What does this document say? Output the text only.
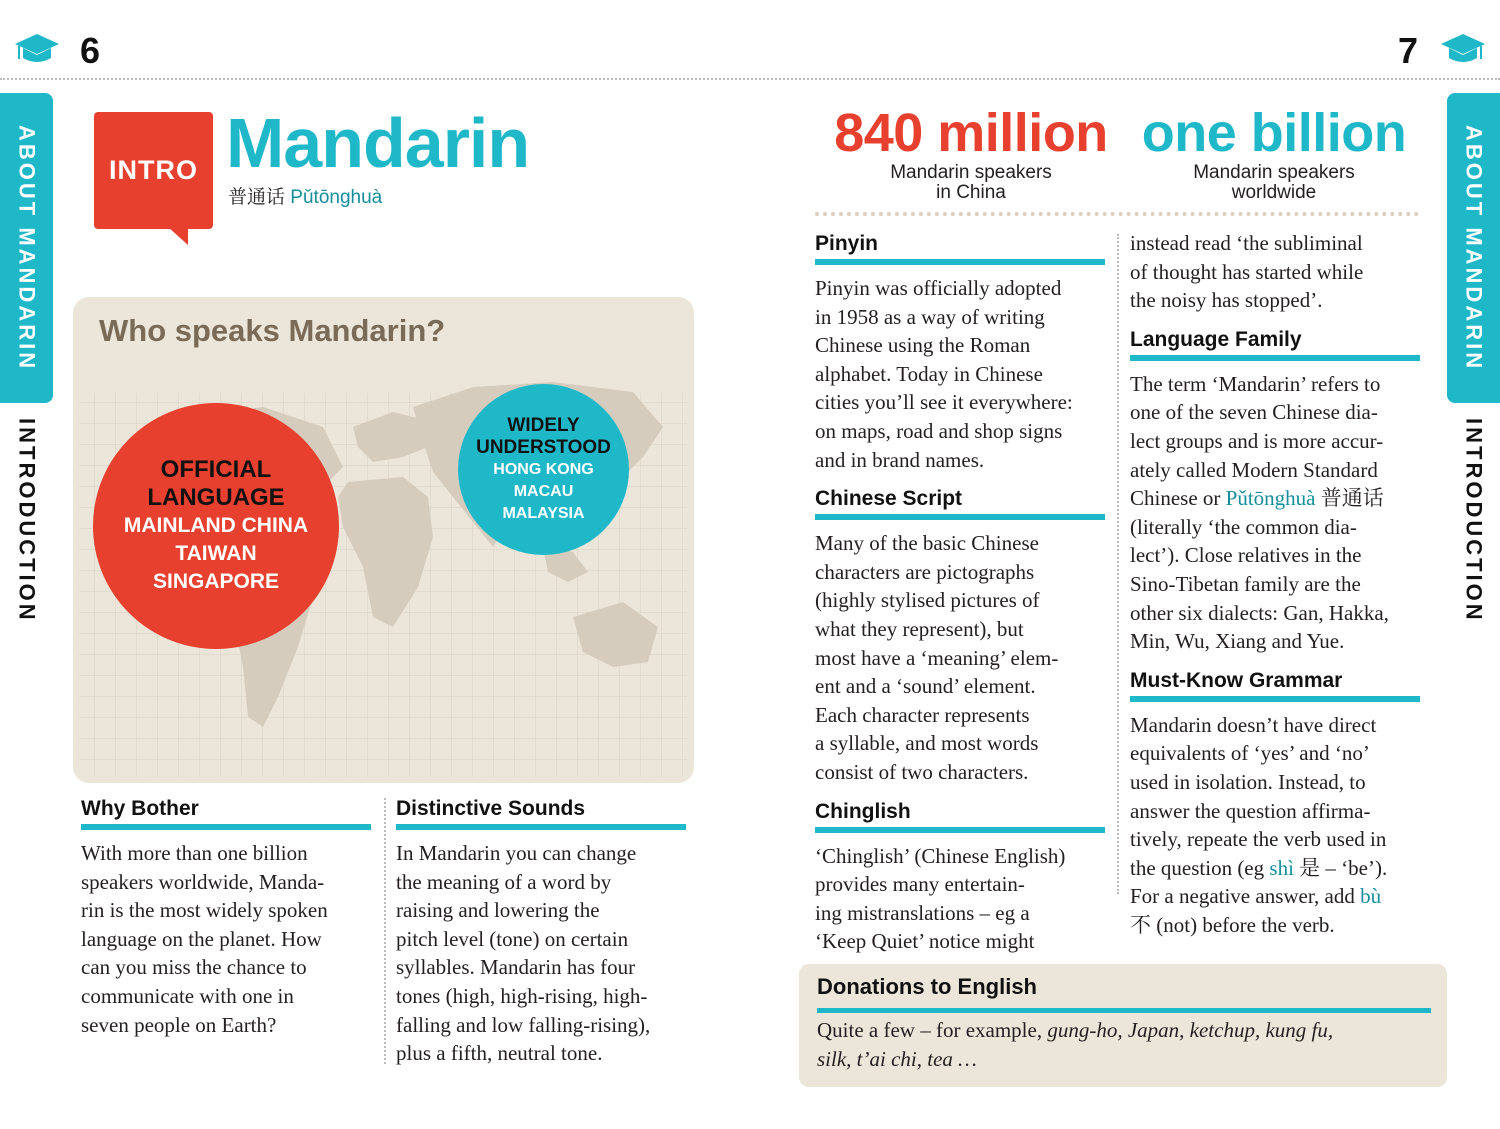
6	7
ABOUT MANDARIN
INTRODUCTION
ABOUT MANDARIN
INTRODUCTION
INTRO Mandarin
普通话 Pǔtōnghuà
Who speaks Mandarin?
OFFICIAL
LANGUAGE
MAINLAND CHINA
TAIWAN
SINGAPORE
WIDELY
UNDERSTOOD
HONG KONG
MACAU
MALAYSIA
Why Bother

With more than one billion
speakers worldwide, Manda-
rin is the most widely spoken
language on the planet. How
can you miss the chance to
communicate with one in
seven people on Earth?

Distinctive Sounds

In Mandarin you can change
the meaning of a word by
raising and lowering the
pitch level (tone) on certain
syllables. Mandarin has four
tones (high, high-rising, high-
falling and low falling-rising),
plus a fifth, neutral tone.

840 million
Mandarin speakers
in China
one billion
Mandarin speakers
worldwide
Pinyin

Pinyin was officially adopted
in 1958 as a way of writing
Chinese using the Roman
alphabet. Today in Chinese
cities you’ll see it everywhere:
on maps, road and shop signs
and in brand names.

Chinese Script

Many of the basic Chinese
characters are pictographs
(highly stylised pictures of
what they represent), but
most have a ‘meaning’ elem-
ent and a ‘sound’ element.
Each character represents
a syllable, and most words
consist of two characters.

Chinglish

‘Chinglish’ (Chinese English)
provides many entertain-
ing mistranslations – eg a
‘Keep Quiet’ notice might

instead read ‘the subliminal
of thought has started while
the noisy has stopped’.

Language Family

The term ‘Mandarin’ refers to
one of the seven Chinese dia-
lect groups and is more accur-
ately called Modern Standard
Chinese or Pǔtōnghuà 普通话
(literally ‘the common dia-
lect’). Close relatives in the
Sino-Tibetan family are the
other six dialects: Gan, Hakka,
Min, Wu, Xiang and Yue.

Must-Know Grammar

Mandarin doesn’t have direct
equivalents of ‘yes’ and ‘no’
used in isolation. Instead, to
answer the question affirma-
tively, repeate the verb used in
the question (eg shì 是 – ‘be’).
For a negative answer, add bù
不 (not) before the verb.

Donations to English

Quite a few – for example, gung-ho, Japan, ketchup, kung fu,
silk, t’ai chi, tea …
